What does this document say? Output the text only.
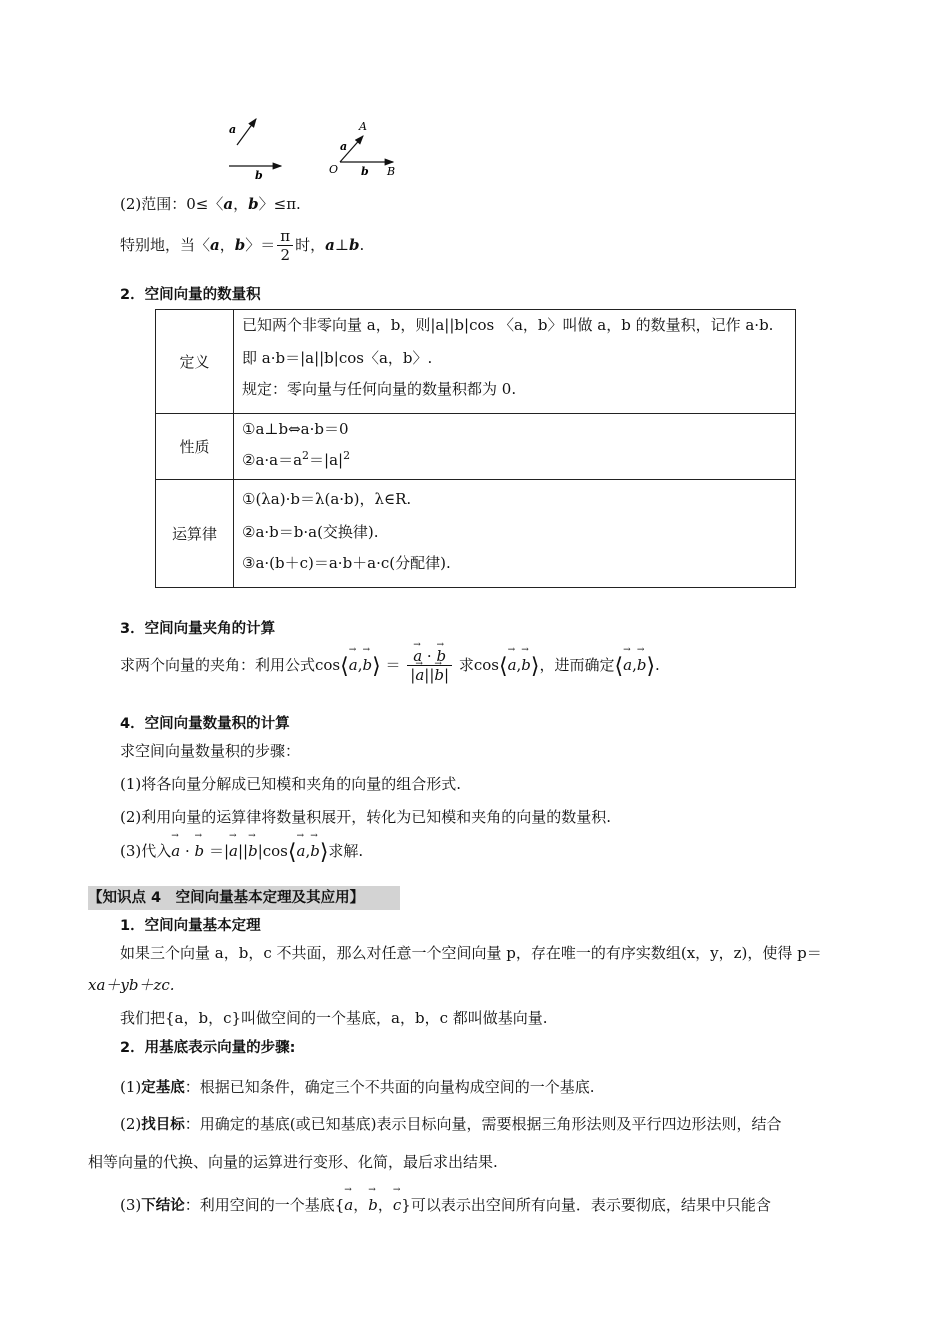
a
b
A
a
O b B
(2)范围：0≤〈a，b〉≤π.
特别地，当〈a，b〉＝ $\frac{\pi}{2}$ 时，a⊥b.
2．空间向量的数量积
定义	已知两个非零向量 a，b，则|a||b|cos 〈a，b〉叫做 a，b 的数量积，记作 a·b.
即 a·b＝|a||b|cos〈a，b〉.
规定：零向量与任何向量的数量积都为 0.

性质	①a⊥b⇔a·b＝0
$②a\cdot a=a^2=|a|^2$

运算律	①(λa)·b＝λ(a·b)，λ∈R.
②a·b＝b·a(交换律).
③a·(b＋c)＝a·b＋a·c(分配律).
3．空间向量夹角的计算
求两个向量的夹角：利用公式cos⟨→ a,→ b⟩ ＝ → $\frac{a \cdot \to b}{|\to a||\to b|}$ 求cos⟨→ a,→ b⟩，进而确定⟨→ a,→ b⟩.
4．空间向量数量积的计算
求空间向量数量积的步骤：
(1)将各向量分解成已知模和夹角的向量的组合形式.
(2)利用向量的运算律将数量积展开，转化为已知模和夹角的向量的数量积.
(3)代入→ a · → b ＝|→ a||→ b|cos⟨→ a,→ b⟩求解.
【知识点 4　空间向量基本定理及其应用】
1．空间向量基本定理
如果三个向量 a，b，c 不共面，那么对任意一个空间向量 p，存在唯一的有序实数组(x，y，z)，使得 p＝
xa＋yb＋zc.
我们把{a，b，c}叫做空间的一个基底，a，b，c 都叫做基向量.
2．用基底表示向量的步骤:
(1)定基底：根据已知条件，确定三个不共面的向量构成空间的一个基底.
(2)找目标：用确定的基底(或已知基底)表示目标向量，需要根据三角形法则及平行四边形法则，结合
相等向量的代换、向量的运算进行变形、化简，最后求出结果.
(3)下结论：利用空间的一个基底{→ a，→ b，→ c}可以表示出空间所有向量．表示要彻底，结果中只能含
